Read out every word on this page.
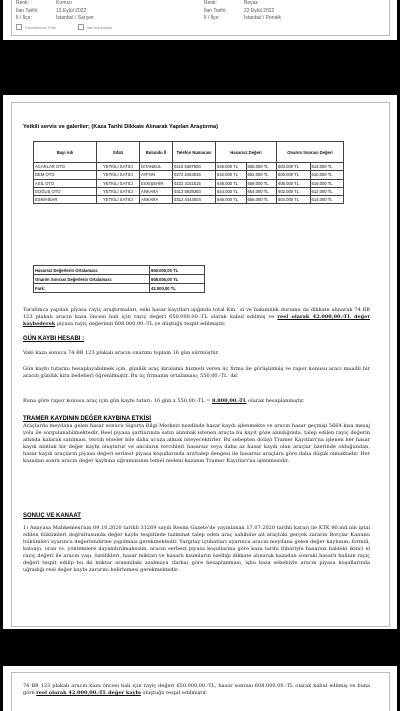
Renk:	Kırmızı
İlan Tarihi:	13 Eylül 2022
İl / İlçe:	İstanbul / Sarıyer
Renk:	Beyaz
İlan Tarihi:	22 Eylül 2022
İl / İlçe:	İstanbul / Pendik
Favorilerime Ekle	Ilan Karşılaştır
Yetkili servis ve galeriler; (Kaza Tarihi Dikkate Alınarak Yapılan Araştırma)
Bayi Adı	Sıfatı	Bulundu İl	Telefon Numarası	Hasarsız Değeri		Onarım Sonrası Değeri	
ACARLAR OTO	YETKİLİ SATICI	İSTANBUL	0216 5387600	645.000 TL	655.000 TL	603.000 TL	613.000 TL
DEM OTO	YETKİLİ SATICI	AYFON	0272 2463535	642.000 TL	652.000 TL	600.000 TL	610.000 TL
ASİL OTO	YETKİLİ SATICI	ESKİŞEHİR	0222 3151515	648.000 TL	658.000 TL	606.000 TL	616.000 TL
DOĞUŞ OTO	YETKİLİ SATICI	ANKARA	0312 5838383	644.000 TL	654.000 TL	602.000 TL	612.000 TL
ESKİHİSAR	YETKİLİ SATICI	ANKARA	0312 4444004	646.000 TL	656.000 TL	604.000 TL	614.000 TL
Hasarsız Değerlerin Ortalaması:	650.000,00 TL
Onarım Sonrası Değerlerin Ortalaması:	608.000,00 TL
Fark:	42.000,00 TL
Tarafımca yapılan piyasa rayiç araştırmaları, eski hasar kayıtları ışığında total Km.' si ve bakımlılık durumu da dikkate alınarak 74 BB 123 plakalı aracın kaza öncesi hali için rayiç değeri 650.000,00.-TL olarak kabul edilmiş ve reel olarak 42.000,00.-TL değer kaybederek piyasa rayiç değerinin 608.000,00.-TL ye düştüğü tespit edilmiştir.
GÜN KAYBI HESABI :
Vaki kaza sonucu 74 BB 123 plakalı aracın onarımı toplam 16 gün sürmüştür.
Gün kaybı tutarını hesaplayabilmek için, günlük araç kiralama hizmeti veren üç firma ile görüşülmüş ve rapor konusu aracı muadil bir aracın günlük kira bedelleri öğrenilmiştir. Bu üç firmanın ortalaması; 550,00.-TL' dir.
Buna göre rapor konusu araç için gün kaybı tutarı: 16 gün x 550,00.-TL = 8.800,00.-TL olarak hesaplanmıştır.
TRAMER KAYDININ DEĞER KAYBINA ETKİSİ
Araçlarda meydana gelen hasar sonucu Sigorta Bilgi Merkezi nezdinde hasar kaydı işlenmekte ve aracın hasar geçmişi 5664 kısa mesaj yolu ile sorgulanabilmektedir. Reel piyasa şartlarında satın alınmak istenen araçta bu kayıt göze alındığında, talep edilen rayiç değerin altında kalarak satılması, tercih etseler bile daha ucuza almak isteyecektirler. Bu sebepten dolayı Tramer Kayıtları'na işlenen her hasar kaydı mutlak bir değer kaybı oluşturur ve alıcıların tercihleri hasarsız veya daha az hasar kaydı olan araçlar üzerinde olduğundan, hasar kaydı araçların piyasa değeri serbest piyasa koşullarında arz/talep dengesi ile hasarsız araçlara göre daha düşük olmaktadır. Her kazadan sonra aracın değer kaybına uğramasının temel nedeni kazanın Tramer Kayıtları'na işlenmesidir.
SONUÇ VE KANAAT
1) Anayasa Mahkemesi'nin 09.10.2020 tarihli 31269 sayılı Resmi Gazete'de yayınlanan 17.07.2020 tarihli kararı ile KTK 90.md.nin iptal edilen hükümleri doğrultusunda değer kaybı tespitinde tazminat talep eden araç sahibine ait araçtaki gerçek zararın Borçlar Kanunu hükümleri uyarınca değerlendirme yapılması gerekmektedir. Yargıtay içtihatları uyarınca aracın meydana gelen değer kaybının; formül, katsayı, oran vs. yöntemlere dayandırılmaksızın, aracın serbest piyasa koşullarına göre kaza tarihi itibariyle hasarsız haldeki ikinci el rayiç değeri ile aracın yaşı, özellikleri, hasar miktarı ve hasarlı kısımların özelliği dikkate alınarak kazadan sonraki hasarlı halinin rayiç değeri tespit edilip bu iki miktar arasındaki azalmaya (farka) göre hesaplanması, işbu kaza sebebiyle aracın piyasa koşullarında uğradığı reel değer kaybı zararını belirlemesi gerekmektedir.
74 BB 123 plakalı aracın kaza öncesi hali için rayiç değeri 650.000,00.-TL, hasar sonrası 608.000,00.-TL olarak kabul edilmiş ve buna göre reel olarak 42.000,00.-TL değer kaybı oluştuğu tespit edilmiştir.
